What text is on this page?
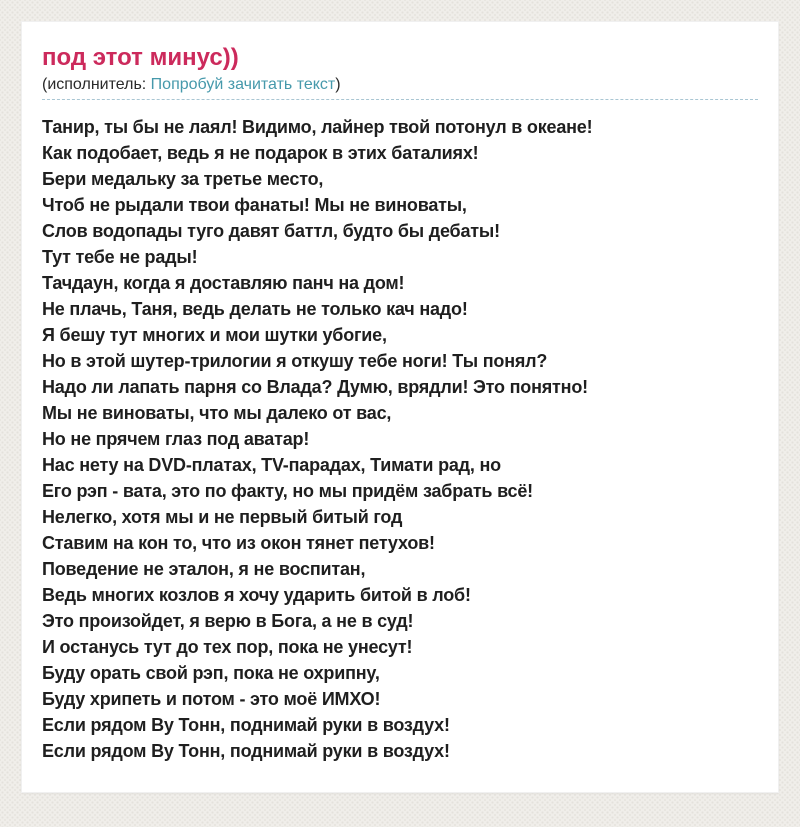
под этот минус))
(исполнитель: Попробуй зачитать текст)
Танир, ты бы не лаял! Видимо, лайнер твой потонул в океане!
Как подобает, ведь я не подарок в этих баталиях!
Бери медальку за третье место,
Чтоб не рыдали твои фанаты! Мы не виноваты,
Слов водопады туго давят баттл, будто бы дебаты!
Тут тебе не рады!
Тачдаун, когда я доставляю панч на дом!
Не плачь, Таня, ведь делать не только кач надо!
Я бешу тут многих и мои шутки убогие,
Но в этой шутер-трилогии я откушу тебе ноги! Ты понял?
Надо ли лапать парня со Влада? Думю, врядли! Это понятно!
Мы не виноваты, что мы далеко от вас,
Но не прячем глаз под аватар!
Нас нету на DVD-платах, TV-парадах, Тимати рад, но
Его рэп - вата, это по факту, но мы придём забрать всё!
Нелегко, хотя мы и не первый битый год
Ставим на кон то, что из окон тянет петухов!
Поведение не эталон, я не воспитан,
Ведь многих козлов я хочу ударить битой в лоб!
Это произойдет, я верю в Бога, а не в суд!
И останусь тут до тех пор, пока не унесут!
Буду орать свой рэп, пока не охрипну,
Буду хрипеть и потом - это моё ИМХО!
Если рядом Ву Тонн, поднимай руки в воздух!
Если рядом Ву Тонн, поднимай руки в воздух!
